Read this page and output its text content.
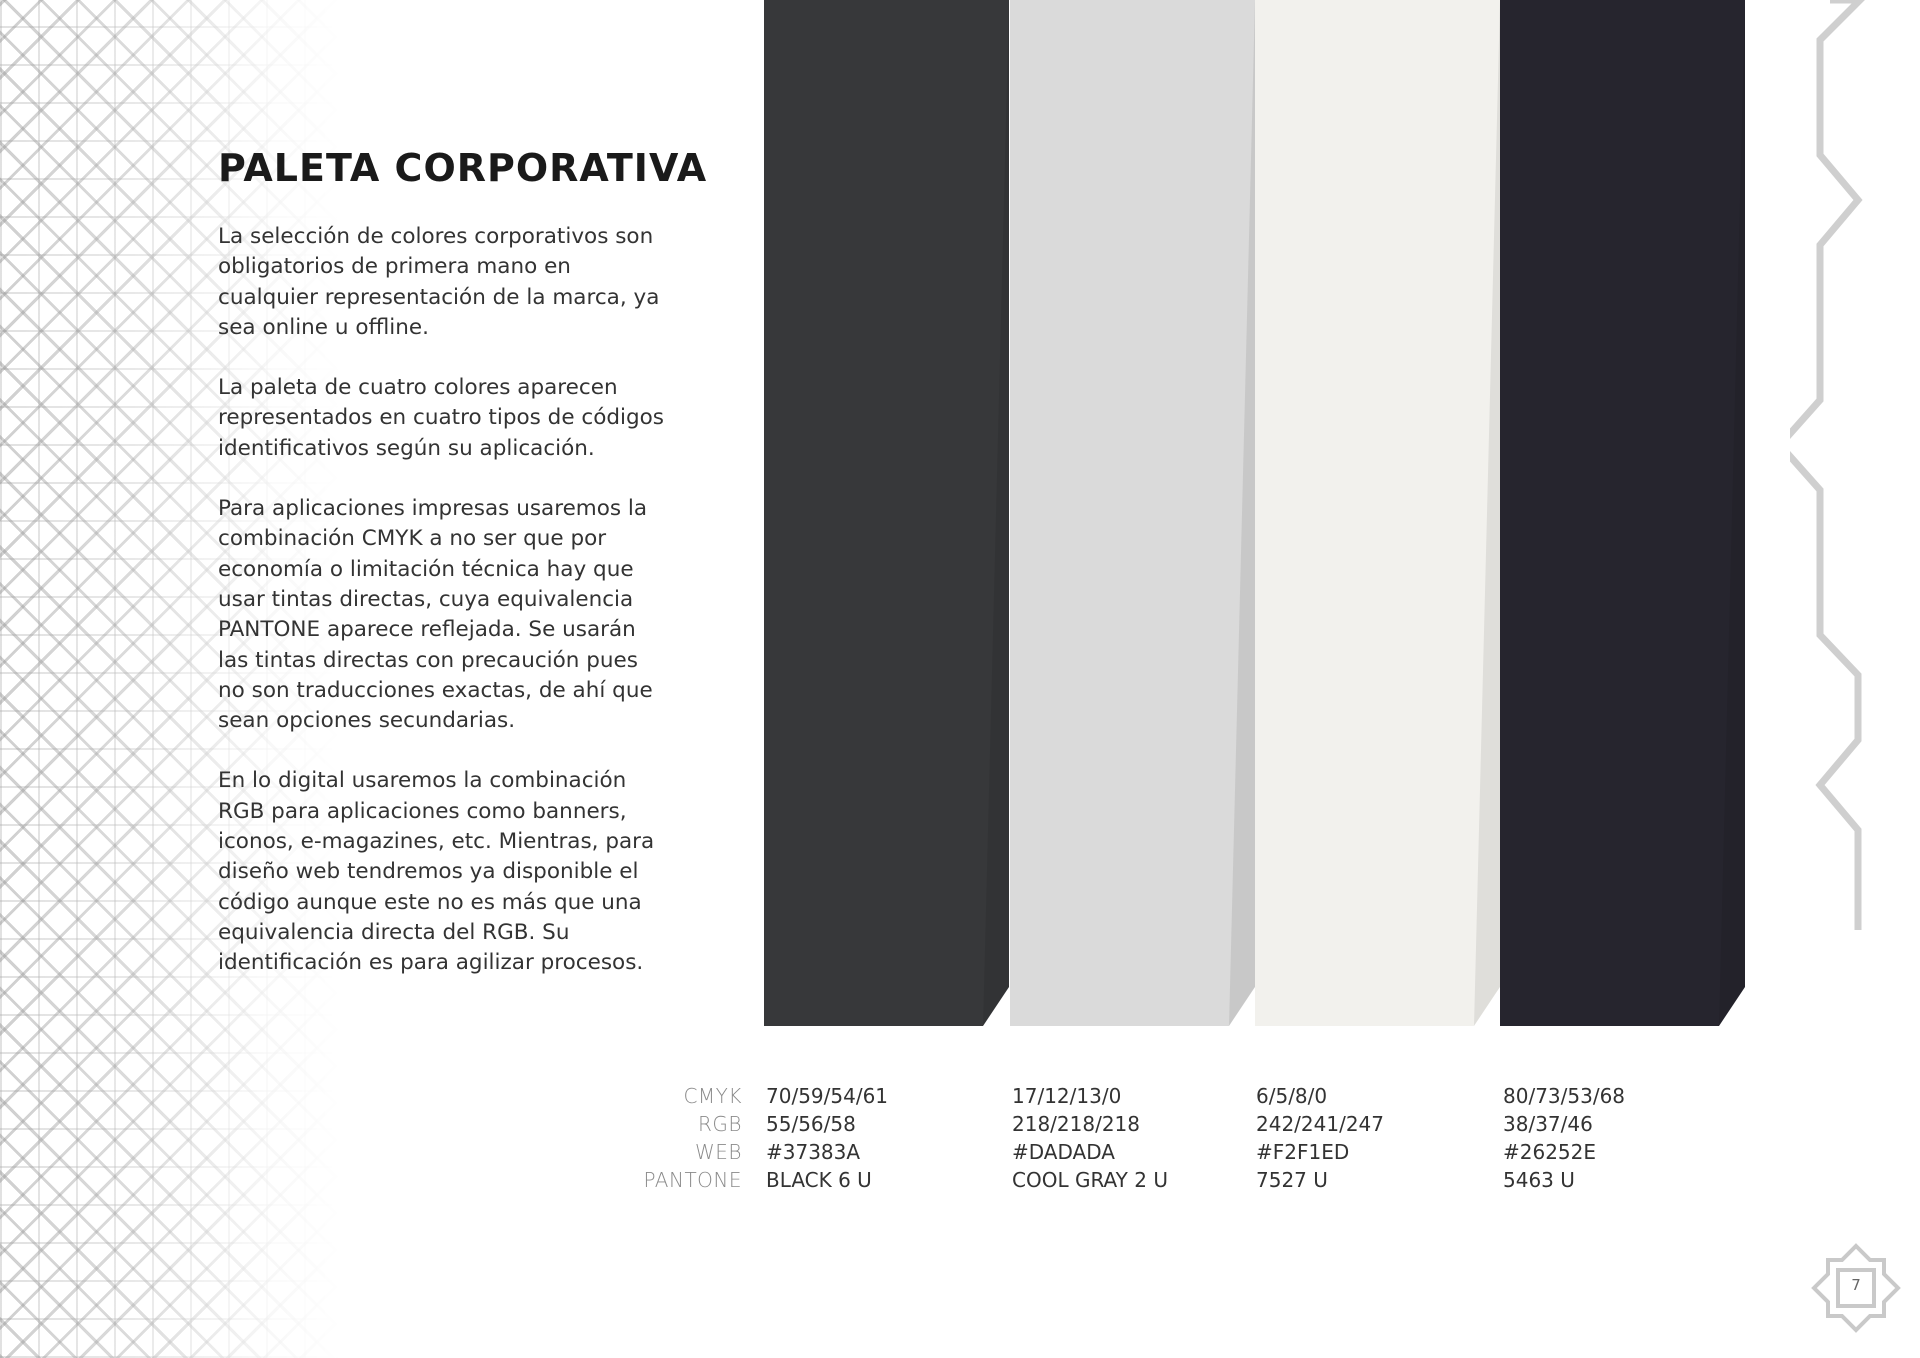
PALETA CORPORATIVA

La selección de colores corporativos son obligatorios de primera mano en cualquier representación de la marca, ya sea online u offline.

La paleta de cuatro colores aparecen representados en cuatro tipos de códigos identificativos según su aplicación.

Para aplicaciones impresas usaremos la combinación CMYK a no ser que por economía o limitación técnica hay que usar tintas directas, cuya equivalencia PANTONE aparece reflejada. Se usarán las tintas directas con precaución pues no son traducciones exactas, de ahí que sean opciones secundarias.

En lo digital usaremos la combinación RGB para aplicaciones como banners, iconos, e-magazines, etc. Mientras, para diseño web tendremos ya disponible el código aunque este no es más que una equivalencia directa del RGB. Su identificación es para agilizar procesos.

CMYK
RGB
WEB
PANTONE
70/59/54/61
55/56/58
#37383A
BLACK 6 U
17/12/13/0
218/218/218
#DADADA
COOL GRAY 2 U
6/5/8/0
242/241/247
#F2F1ED
7527 U
80/73/53/68
38/37/46
#26252E
5463 U
7
